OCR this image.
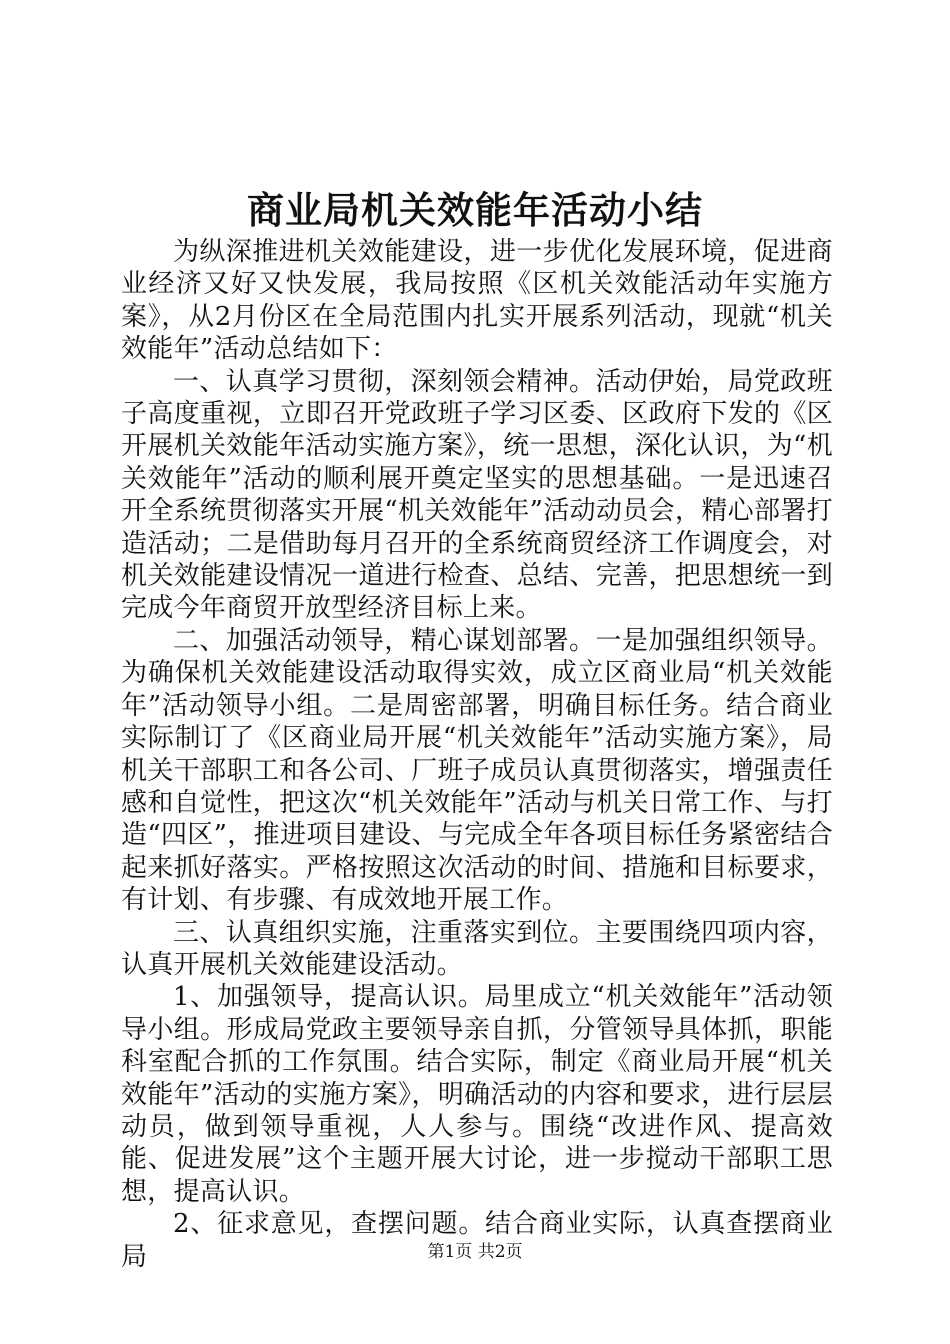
商业局机关效能年活动小结

为纵深推进机关效能建设，进一步优化发展环境，促进商业经济又好又快发展，我局按照《区机关效能活动年实施方案》，从2月份区在全局范围内扎实开展系列活动，现就“机关效能年”活动总结如下：

一、认真学习贯彻，深刻领会精神。活动伊始，局党政班子高度重视，立即召开党政班子学习区委、区政府下发的《区开展机关效能年活动实施方案》，统一思想，深化认识，为“机关效能年”活动的顺利展开奠定坚实的思想基础。一是迅速召开全系统贯彻落实开展“机关效能年”活动动员会，精心部署打造活动；二是借助每月召开的全系统商贸经济工作调度会，对机关效能建设情况一道进行检查、总结、完善，把思想统一到完成今年商贸开放型经济目标上来。

二、加强活动领导，精心谋划部署。一是加强组织领导。为确保机关效能建设活动取得实效，成立区商业局“机关效能年”活动领导小组。二是周密部署，明确目标任务。结合商业实际制订了《区商业局开展“机关效能年”活动实施方案》，局机关干部职工和各公司、厂班子成员认真贯彻落实，增强责任感和自觉性，把这次“机关效能年”活动与机关日常工作、与打造“四区”，推进项目建设、与完成全年各项目标任务紧密结合起来抓好落实。严格按照这次活动的时间、措施和目标要求，有计划、有步骤、有成效地开展工作。

三、认真组织实施，注重落实到位。主要围绕四项内容，认真开展机关效能建设活动。

1、加强领导，提高认识。局里成立“机关效能年”活动领导小组。形成局党政主要领导亲自抓，分管领导具体抓，职能科室配合抓的工作氛围。结合实际，制定《商业局开展“机关效能年”活动的实施方案》，明确活动的内容和要求，进行层层动员，做到领导重视，人人参与。围绕“改进作风、提高效能、促进发展”这个主题开展大讨论，进一步搅动干部职工思想，提高认识。

2、征求意见，查摆问题。结合商业实际，认真查摆商业局	第1页 共2页
